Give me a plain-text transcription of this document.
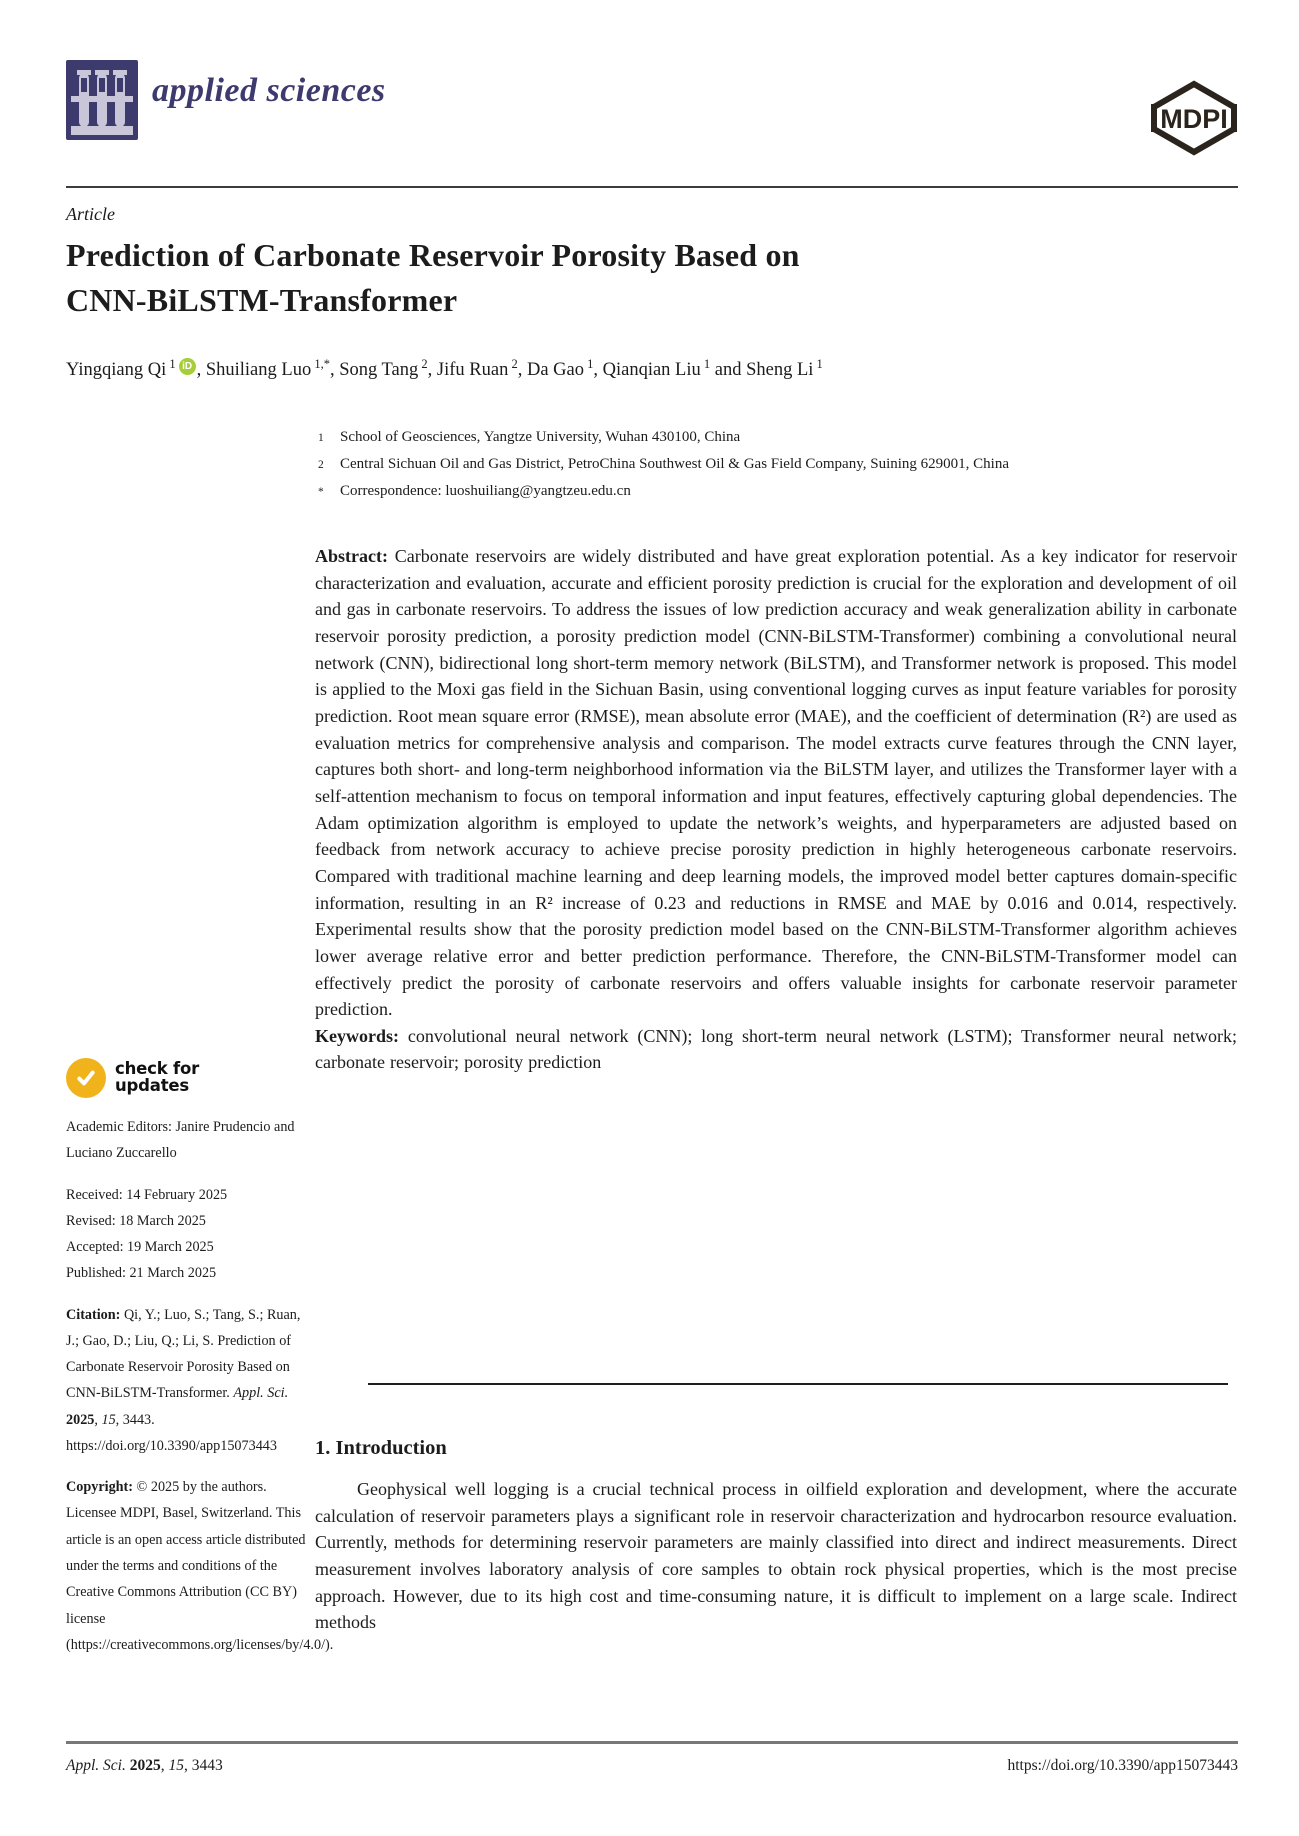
applied sciences
MDPI
Article
Prediction of Carbonate Reservoir Porosity Based on
CNN-BiLSTM-Transformer
Yingqiang Qi $^1$ iD , Shuiliang Luo $^{1,*}$, Song Tang $^2$, Jifu Ruan $^2$, Da Gao $^1$, Qianqian Liu $^1$ and Sheng Li $^1$
1	School of Geosciences, Yangtze University, Wuhan 430100, China
2	Central Sichuan Oil and Gas District, PetroChina Southwest Oil & Gas Field Company, Suining 629001, China
*	Correspondence: luoshuiliang@yangtzeu.edu.cn

Abstract: Carbonate reservoirs are widely distributed and have great exploration potential. As a key indicator for reservoir characterization and evaluation, accurate and efficient porosity prediction is crucial for the exploration and development of oil and gas in carbonate reservoirs. To address the issues of low prediction accuracy and weak generalization ability in carbonate reservoir porosity prediction, a porosity prediction model (CNN-BiLSTM-Transformer) combining a convolutional neural network (CNN), bidirectional long short-term memory network (BiLSTM), and Transformer network is proposed. This model is applied to the Moxi gas field in the Sichuan Basin, using conventional logging curves as input feature variables for porosity prediction. Root mean square error (RMSE), mean absolute error (MAE), and the coefficient of determination (R²) are used as evaluation metrics for comprehensive analysis and comparison. The model extracts curve features through the CNN layer, captures both short- and long-term neighborhood information via the BiLSTM layer, and utilizes the Transformer layer with a self-attention mechanism to focus on temporal information and input features, effectively capturing global dependencies. The Adam optimization algorithm is employed to update the network’s weights, and hyperparameters are adjusted based on feedback from network accuracy to achieve precise porosity prediction in highly heterogeneous carbonate reservoirs. Compared with traditional machine learning and deep learning models, the improved model better captures domain-specific information, resulting in an R² increase of 0.23 and reductions in RMSE and MAE by 0.016 and 0.014, respectively. Experimental results show that the porosity prediction model based on the CNN-BiLSTM-Transformer algorithm achieves lower average relative error and better prediction performance. Therefore, the CNN-BiLSTM-Transformer model can effectively predict the porosity of carbonate reservoirs and offers valuable insights for carbonate reservoir parameter prediction.

Keywords: convolutional neural network (CNN); long short-term neural network (LSTM); Transformer neural network; carbonate reservoir; porosity prediction

check for
updates
Academic Editors: Janire Prudencio and Luciano Zuccarello
Received: 14 February 2025
Revised: 18 March 2025
Accepted: 19 March 2025
Published: 21 March 2025
Citation: Qi, Y.; Luo, S.; Tang, S.; Ruan, J.; Gao, D.; Liu, Q.; Li, S. Prediction of Carbonate Reservoir Porosity Based on CNN-BiLSTM-Transformer. Appl. Sci. 2025, 15, 3443. https://doi.org/10.3390/app15073443
Copyright: © 2025 by the authors. Licensee MDPI, Basel, Switzerland. This article is an open access article distributed under the terms and conditions of the Creative Commons Attribution (CC BY) license (https://creativecommons.org/licenses/by/4.0/).
1. Introduction
Geophysical well logging is a crucial technical process in oilfield exploration and development, where the accurate calculation of reservoir parameters plays a significant role in reservoir characterization and hydrocarbon resource evaluation. Currently, methods for determining reservoir parameters are mainly classified into direct and indirect measurements. Direct measurement involves laboratory analysis of core samples to obtain rock physical properties, which is the most precise approach. However, due to its high cost and time-consuming nature, it is difficult to implement on a large scale. Indirect methods
Appl. Sci. 2025, 15, 3443	https://doi.org/10.3390/app15073443
